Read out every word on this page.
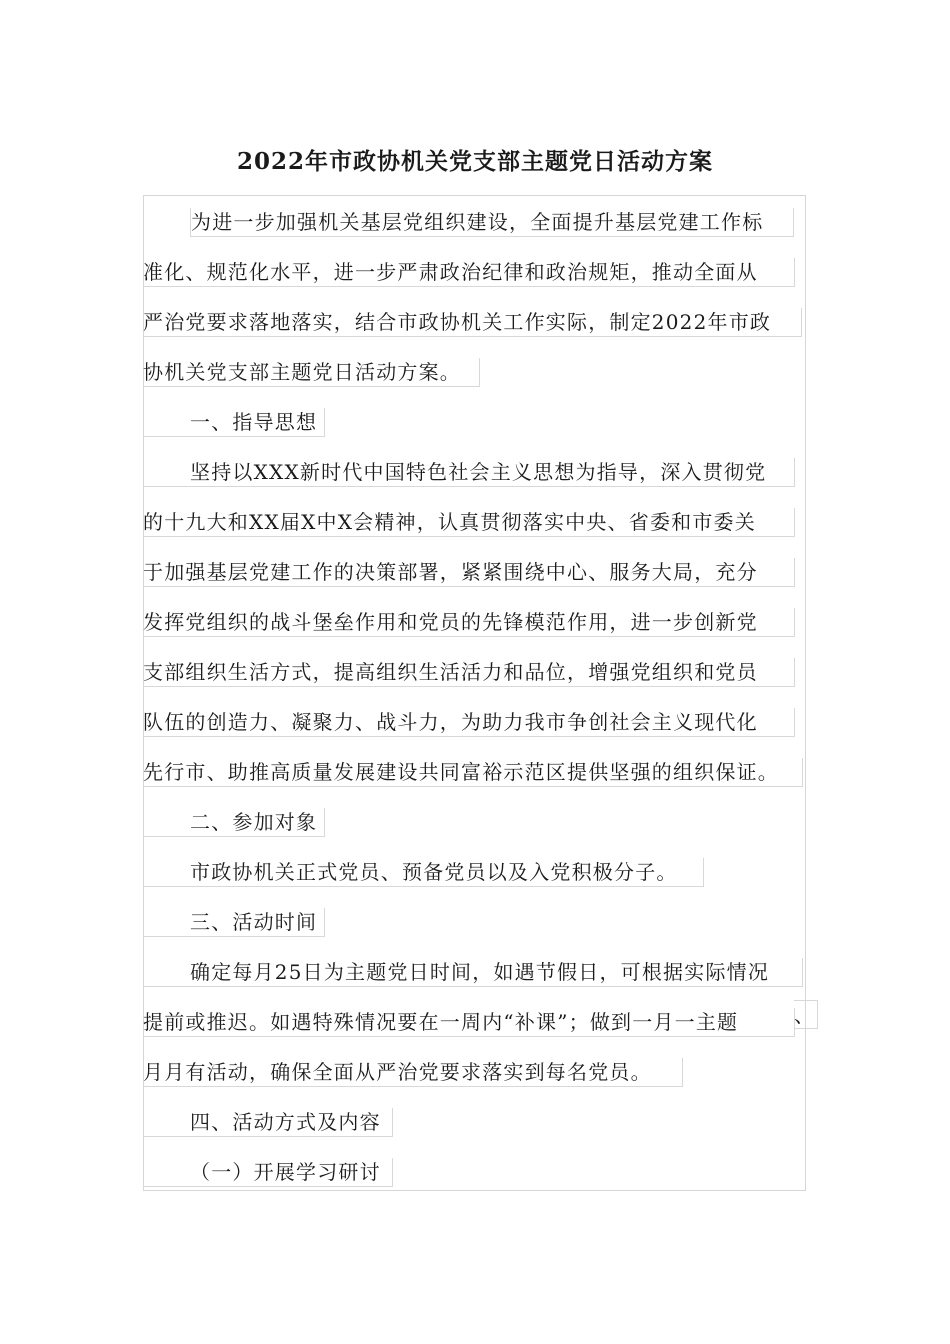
2022年市政协机关党支部主题党日活动方案
为进一步加强机关基层党组织建设，全面提升基层党建工作标
准化、规范化水平，进一步严肃政治纪律和政治规矩，推动全面从
严治党要求落地落实，结合市政协机关工作实际，制定2022年市政
协机关党支部主题党日活动方案。
一、指导思想
坚持以XXX新时代中国特色社会主义思想为指导，深入贯彻党
的十九大和XX届X中X会精神，认真贯彻落实中央、省委和市委关
于加强基层党建工作的决策部署，紧紧围绕中心、服务大局，充分
发挥党组织的战斗堡垒作用和党员的先锋模范作用，进一步创新党
支部组织生活方式，提高组织生活活力和品位，增强党组织和党员
队伍的创造力、凝聚力、战斗力，为助力我市争创社会主义现代化
先行市、助推高质量发展建设共同富裕示范区提供坚强的组织保证。
二、参加对象
市政协机关正式党员、预备党员以及入党积极分子。
三、活动时间
确定每月25日为主题党日时间，如遇节假日，可根据实际情况
提前或推迟。如遇特殊情况要在一周内“补课”；做到一月一主题	、
月月有活动，确保全面从严治党要求落实到每名党员。
四、活动方式及内容
（一）开展学习研讨
